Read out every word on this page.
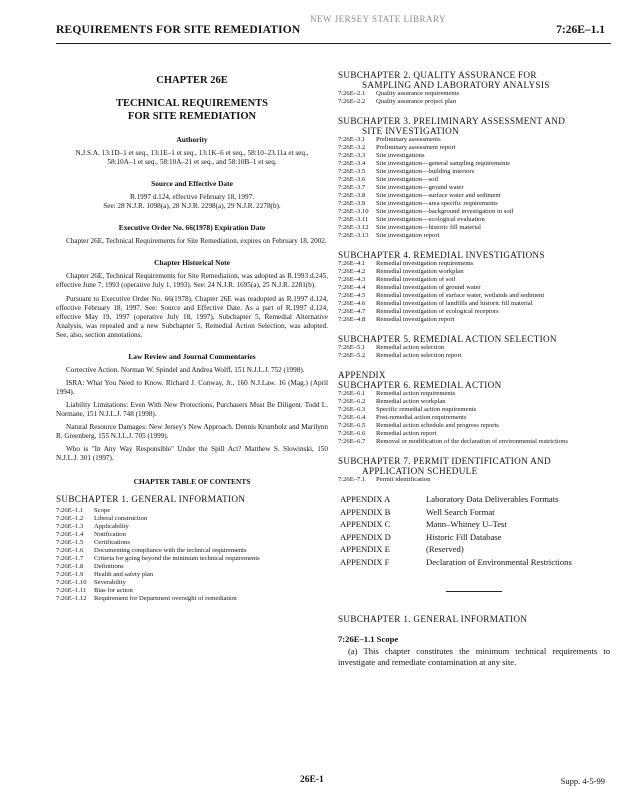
REQUIREMENTS FOR SITE REMEDIATION
NEW JERSEY STATE LIBRARY
7:26E–1.1
CHAPTER 26E
TECHNICAL REQUIREMENTS
FOR SITE REMEDIATION
Authority
N.J.S.A. 13:1D–1 et seq., 13:1E–1 et seq., 13:1K–6 et seq., 58:10–23.11a et seq., 58:10A–1 et seq., 58:10A–21 et seq., and 58:10B–1 et seq.
Source and Effective Date
R.1997 d.124, effective February 18, 1997.
See: 28 N.J.R. 1098(a), 28 N.J.R. 2298(a), 29 N.J.R. 2278(b).
Executive Order No. 66(1978) Expiration Date
Chapter 26E, Technical Requirements for Site Remediation, expires on February 18, 2002.
Chapter Historical Note
Chapter 26E, Technical Requirements for Site Remediation, was adopted as R.1993 d.245, effective June 7, 1993 (operative July 1, 1993). See: 24 N.J.R. 1695(a), 25 N.J.R. 2281(b).
Pursuant to Executive Order No. 66(1978), Chapter 26E was readopted as R.1997 d.124, effective February 18, 1997. See: Source and Effective Date. As a part of R.1997 d.124, effective May 19, 1997 (operative July 18, 1997), Subchapter 5, Remedial Alternative Analysis, was repealed and a new Subchapter 5, Remedial Action Selection, was adopted. See, also, section annotations.
Law Review and Journal Commentaries
Corrective Action. Norman W. Spindel and Andrea Wolff, 151 N.J.L.J. 752 (1998).
ISRA: What You Need to Know. Richard J. Conway, Jr., 160 N.J.Law. 16 (Mag.) (April 1994).
Liability Limitations: Even With New Protections, Purchasers Must Be Diligent. Todd L. Normane, 151 N.J.L.J. 748 (1998).
Natural Resource Damages: New Jersey's New Approach. Dennis Krumholz and Marilynn R. Greenberg, 155 N.J.L.J. 705 (1999).
Who is "In Any Way Responsible" Under the Spill Act? Matthew S. Slowinski, 150 N.J.L.J. 301 (1997).
CHAPTER TABLE OF CONTENTS
SUBCHAPTER 1. GENERAL INFORMATION
7:26E–1.1	Scope
7:26E–1.2	Liberal construction
7:26E–1.3	Applicability
7:26E–1.4	Notification
7:26E–1.5	Certifications
7:26E–1.6	Documenting compliance with the technical requirements
7:26E–1.7	Criteria for going beyond the minimum technical requirements
7:26E–1.8	Definitions
7:26E–1.9	Health and safety plan
7:26E–1.10	Severability
7:26E–1.11	Bias for action
7:26E–1.12	Requirement for Department oversight of remediation
SUBCHAPTER 2. QUALITY ASSURANCE FOR
SAMPLING AND LABORATORY ANALYSIS
7:26E–2.1	Quality assurance requirements
7:26E–2.2	Quality assurance project plan
SUBCHAPTER 3. PRELIMINARY ASSESSMENT AND
SITE INVESTIGATION
7:26E–3.1	Preliminary assessments
7:26E–3.2	Preliminary assessment report
7:26E–3.3	Site investigations
7:26E–3.4	Site investigation—general sampling requirements
7:26E–3.5	Site investigation—building interiors
7:26E–3.6	Site investigation—soil
7:26E–3.7	Site investigation—ground water
7:26E–3.8	Site investigation—surface water and sediment
7:26E–3.9	Site investigation—area specific requirements
7:26E–3.10	Site investigation—background investigation in soil
7:26E–3.11	Site investigation—ecological evaluation
7:26E–3.12	Site investigation—historic fill material
7:26E–3.13	Site investigation report
SUBCHAPTER 4. REMEDIAL INVESTIGATIONS
7:26E–4.1	Remedial investigation requirements
7:26E–4.2	Remedial investigation workplan
7:26E–4.3	Remedial investigation of soil
7:26E–4.4	Remedial investigation of ground water
7:26E–4.5	Remedial investigation of surface water, wetlands and sediment
7:26E–4.6	Remedial investigation of landfills and historic fill material
7:26E–4.7	Remedial investigation of ecological receptors
7:26E–4.8	Remedial investigation report
SUBCHAPTER 5. REMEDIAL ACTION SELECTION
7:26E–5.1	Remedial action selection
7:26E–5.2	Remedial action selection report
APPENDIX
SUBCHAPTER 6. REMEDIAL ACTION
7:26E–6.1	Remedial action requirements
7:26E–6.2	Remedial action workplan
7:26E–6.3	Specific remedial action requirements
7:26E–6.4	Post-remedial action requirements
7:26E–6.5	Remedial action schedule and progress reports
7:26E–6.6	Remedial action report
7:26E–6.7	Removal or modification of the declaration of environmental restrictions
SUBCHAPTER 7. PERMIT IDENTIFICATION AND
APPLICATION SCHEDULE
7:26E–7.1	Permit identification
APPENDIX A	Laboratory Data Deliverables Formats
APPENDIX B	Well Search Format
APPENDIX C	Mann–Whitney U–Test
APPENDIX D	Historic Fill Database
APPENDIX E	(Reserved)
APPENDIX F	Declaration of Environmental Restrictions
SUBCHAPTER 1. GENERAL INFORMATION
7:26E–1.1 Scope
(a) This chapter constitutes the minimum technical requirements to investigate and remediate contamination at any site.
26E-1	Supp. 4-5-99
